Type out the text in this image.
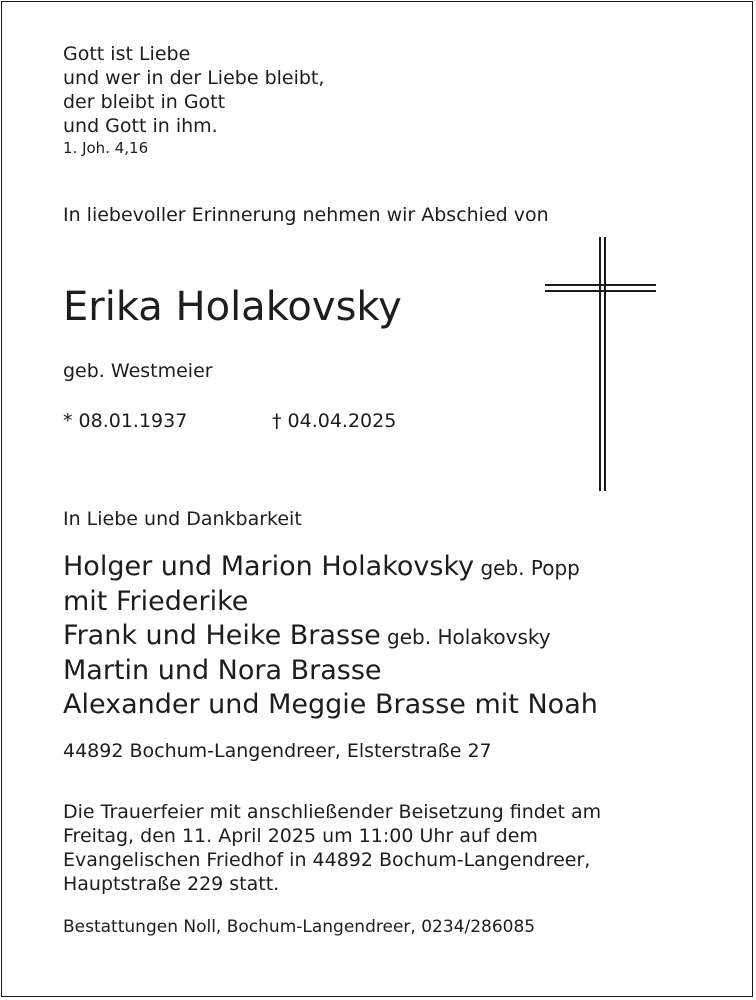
Gott ist Liebe
und wer in der Liebe bleibt,
der bleibt in Gott
und Gott in ihm.
1. Joh. 4,16

In liebevoller Erinnerung nehmen wir Abschied von

Erika Holakovsky

geb. Westmeier

* 08.01.1937	† 04.04.2025

In Liebe und Dankbarkeit

Holger und Marion Holakovsky geb. Popp
mit Friederike
Frank und Heike Brasse geb. Holakovsky
Martin und Nora Brasse
Alexander und Meggie Brasse mit Noah

44892 Bochum-Langendreer, Elsterstraße 27

Die Trauerfeier mit anschließender Beisetzung findet am
Freitag, den 11. April 2025 um 11:00 Uhr auf dem
Evangelischen Friedhof in 44892 Bochum-Langendreer,
Hauptstraße 229 statt.

Bestattungen Noll, Bochum-Langendreer, 0234/286085
